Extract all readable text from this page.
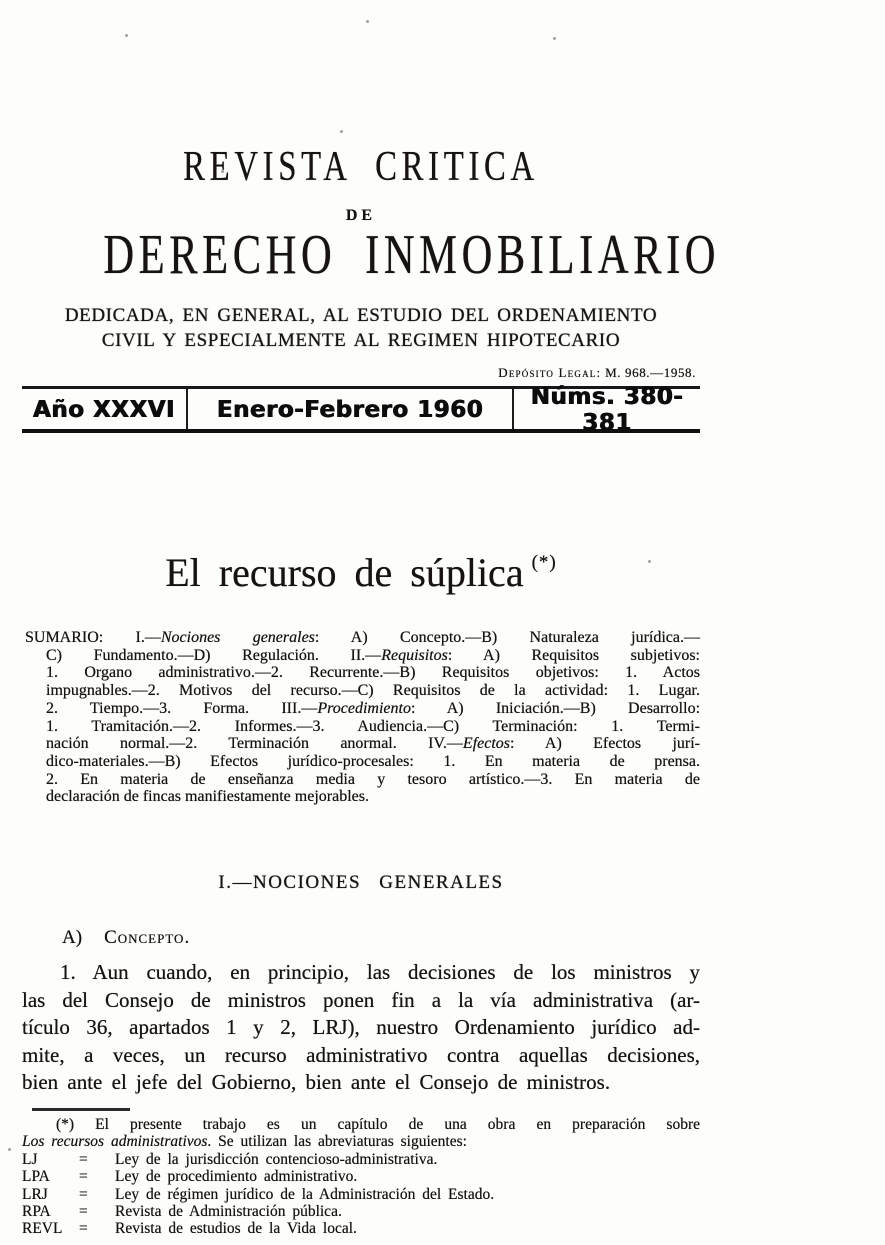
REVISTA CRITICA
DE
DERECHO INMOBILIARIO
DEDICADA, EN GENERAL, AL ESTUDIO DEL ORDENAMIENTO
CIVIL Y ESPECIALMENTE AL REGIMEN HIPOTECARIO
Depósito Legal: M. 968.—1958.
Año XXXVI	Enero-Febrero 1960	Núms. 380-381
El recurso de súplica (*)
SUMARIO: I.—Nociones generales: A) Concepto.—B) Naturaleza jurídica.—
C) Fundamento.—D) Regulación. II.—Requisitos: A) Requisitos subjetivos:
1. Organo administrativo.—2. Recurrente.—B) Requisitos objetivos: 1. Actos
impugnables.—2. Motivos del recurso.—C) Requisitos de la actividad: 1. Lugar.
2. Tiempo.—3. Forma. III.—Procedimiento: A) Iniciación.—B) Desarrollo:
1. Tramitación.—2. Informes.—3. Audiencia.—C) Terminación: 1. Termi-
nación normal.—2. Terminación anormal. IV.—Efectos: A) Efectos jurí-
dico-materiales.—B) Efectos jurídico-procesales: 1. En materia de prensa.
2. En materia de enseñanza media y tesoro artístico.—3. En materia de
declaración de fincas manifiestamente mejorables.
I.—NOCIONES GENERALES
A) Concepto.
1. Aun cuando, en principio, las decisiones de los ministros y
las del Consejo de ministros ponen fin a la vía administrativa (ar-
tículo 36, apartados 1 y 2, LRJ), nuestro Ordenamiento jurídico ad-
mite, a veces, un recurso administrativo contra aquellas decisiones,
bien ante el jefe del Gobierno, bien ante el Consejo de ministros.
(*) El presente trabajo es un capítulo de una obra en preparación sobre
Los recursos administrativos. Se utilizan las abreviaturas siguientes:
LJ	=	Ley de la jurisdicción contencioso-administrativa.
LPA	=	Ley de procedimiento administrativo.
LRJ	=	Ley de régimen jurídico de la Administración del Estado.
RPA	=	Revista de Administración pública.
REVL	=	Revista de estudios de la Vida local.
